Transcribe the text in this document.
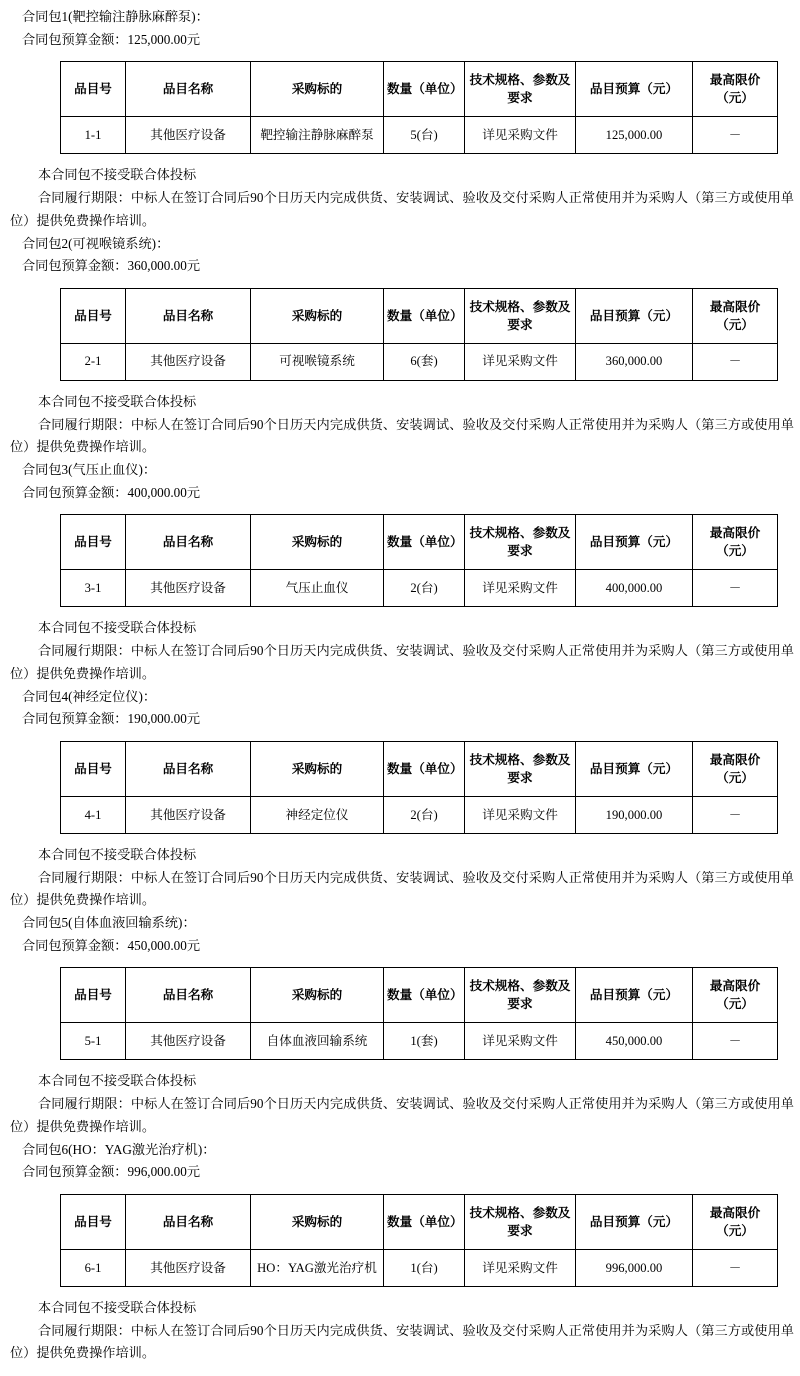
合同包1(靶控输注静脉麻醉泵)：
合同包预算金额：125,000.00元
品目号	品目名称	采购标的	数量（单位）	技术规格、参数及要求	品目预算（元）	最高限价（元）
1-1	其他医疗设备	靶控输注静脉麻醉泵	5(台)	详见采购文件	125,000.00	－
本合同包不接受联合体投标
合同履行期限：中标人在签订合同后90个日历天内完成供货、安装调试、验收及交付采购人正常使用并为采购人（第三方或使用单位）提供免费操作培训。
合同包2(可视喉镜系统)：
合同包预算金额：360,000.00元
品目号	品目名称	采购标的	数量（单位）	技术规格、参数及要求	品目预算（元）	最高限价（元）
2-1	其他医疗设备	可视喉镜系统	6(套)	详见采购文件	360,000.00	－
本合同包不接受联合体投标
合同履行期限：中标人在签订合同后90个日历天内完成供货、安装调试、验收及交付采购人正常使用并为采购人（第三方或使用单位）提供免费操作培训。
合同包3(气压止血仪)：
合同包预算金额：400,000.00元
品目号	品目名称	采购标的	数量（单位）	技术规格、参数及要求	品目预算（元）	最高限价（元）
3-1	其他医疗设备	气压止血仪	2(台)	详见采购文件	400,000.00	－
本合同包不接受联合体投标
合同履行期限：中标人在签订合同后90个日历天内完成供货、安装调试、验收及交付采购人正常使用并为采购人（第三方或使用单位）提供免费操作培训。
合同包4(神经定位仪)：
合同包预算金额：190,000.00元
品目号	品目名称	采购标的	数量（单位）	技术规格、参数及要求	品目预算（元）	最高限价（元）
4-1	其他医疗设备	神经定位仪	2(台)	详见采购文件	190,000.00	－
本合同包不接受联合体投标
合同履行期限：中标人在签订合同后90个日历天内完成供货、安装调试、验收及交付采购人正常使用并为采购人（第三方或使用单位）提供免费操作培训。
合同包5(自体血液回输系统)：
合同包预算金额：450,000.00元
品目号	品目名称	采购标的	数量（单位）	技术规格、参数及要求	品目预算（元）	最高限价（元）
5-1	其他医疗设备	自体血液回输系统	1(套)	详见采购文件	450,000.00	－
本合同包不接受联合体投标
合同履行期限：中标人在签订合同后90个日历天内完成供货、安装调试、验收及交付采购人正常使用并为采购人（第三方或使用单位）提供免费操作培训。
合同包6(HO：YAG激光治疗机)：
合同包预算金额：996,000.00元
品目号	品目名称	采购标的	数量（单位）	技术规格、参数及要求	品目预算（元）	最高限价（元）
6-1	其他医疗设备	HO：YAG激光治疗机	1(台)	详见采购文件	996,000.00	－
本合同包不接受联合体投标
合同履行期限：中标人在签订合同后90个日历天内完成供货、安装调试、验收及交付采购人正常使用并为采购人（第三方或使用单位）提供免费操作培训。
